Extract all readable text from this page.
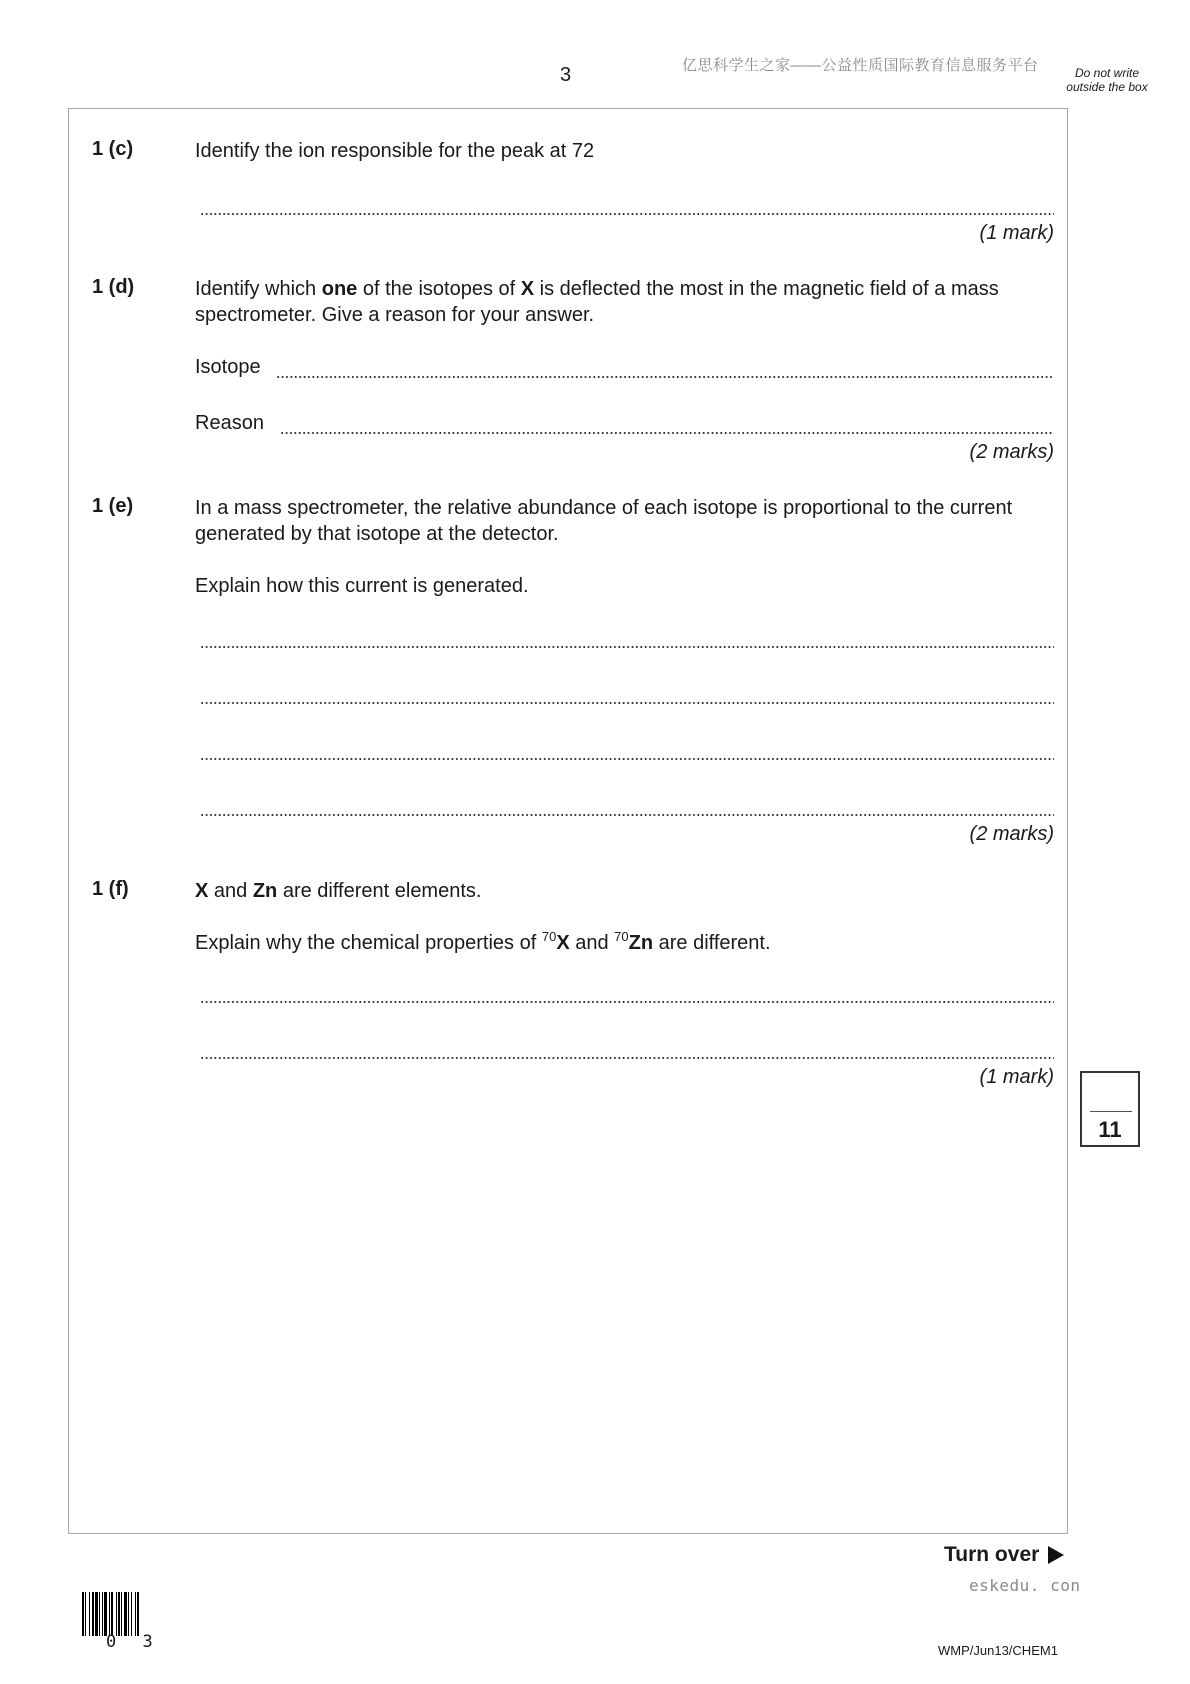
3	亿思科学生之家——公益性质国际教育信息服务平台	Do not write outside the box
1 (c)	Identify the ion responsible for the peak at 72
(1 mark)
1 (d)	Identify which one of the isotopes of X is deflected the most in the magnetic field of a mass spectrometer. Give a reason for your answer.
Isotope
Reason
(2 marks)
1 (e)	In a mass spectrometer, the relative abundance of each isotope is proportional to the current generated by that isotope at the detector.
Explain how this current is generated.
(2 marks)
1 (f)	X and Zn are different elements.
Explain why the chemical properties of $^{70}$X and $^{70}$Zn are different.
(1 mark)
11
Turn over
eskedu. con
0 3	WMP/Jun13/CHEM1
